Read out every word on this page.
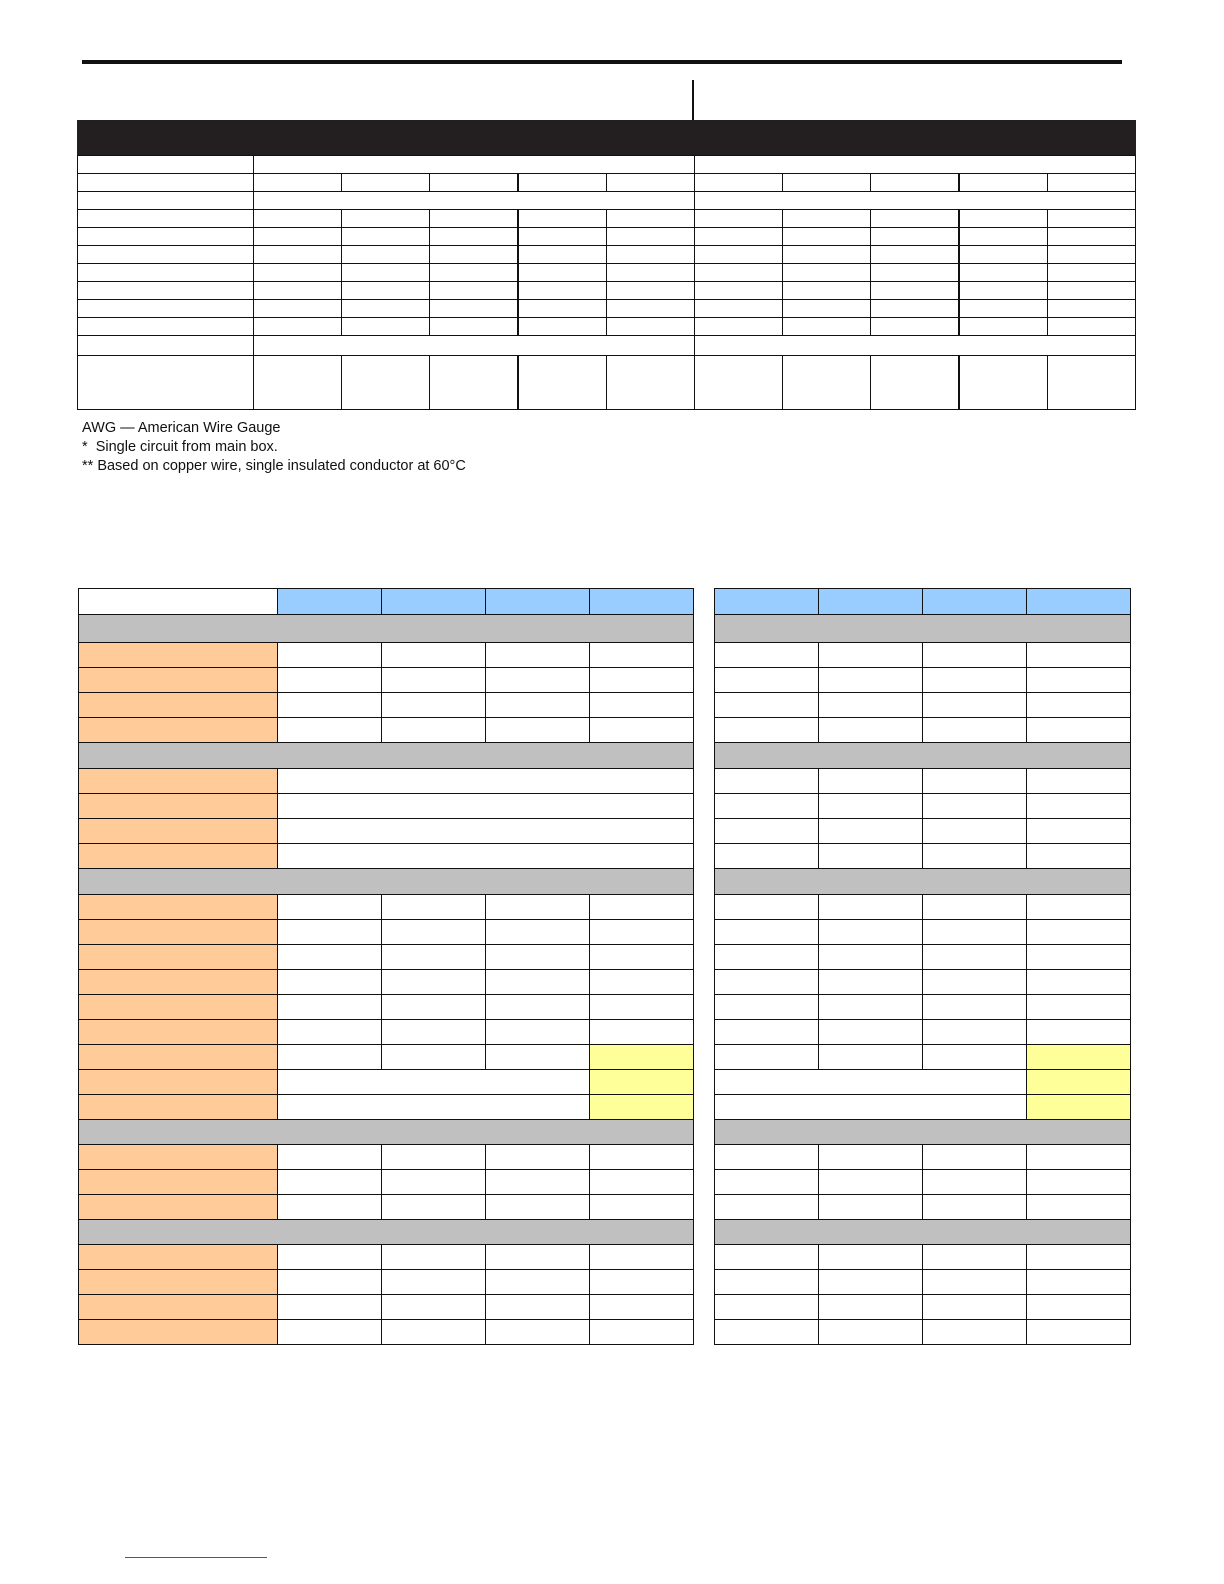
AWG — American Wire Gauge
*  Single circuit from main box.
** Based on copper wire, single insulated conductor at 60°C
